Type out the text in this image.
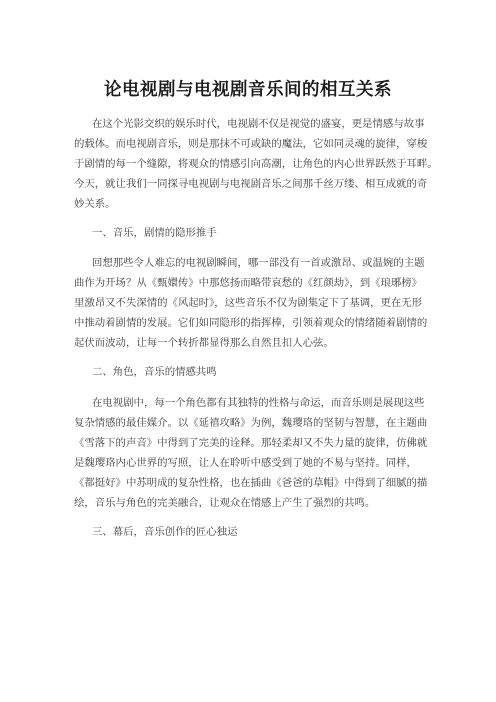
论电视剧与电视剧音乐间的相互关系
在这个光影交织的娱乐时代，电视剧不仅是视觉的盛宴，更是情感与故事
的载体。而电视剧音乐，则是那抹不可或缺的魔法，它如同灵魂的旋律，穿梭
于剧情的每一个缝隙，将观众的情感引向高潮，让角色的内心世界跃然于耳畔。
今天，就让我们一同探寻电视剧与电视剧音乐之间那千丝万缕、相互成就的奇
妙关系。
一、音乐，剧情的隐形推手
回想那些令人难忘的电视剧瞬间，哪一部没有一首或激昂、或温婉的主题
曲作为开场？从《甄嬛传》中那悠扬而略带哀愁的《红颜劫》，到《琅琊榜》
里激昂又不失深情的《风起时》，这些音乐不仅为剧集定下了基调，更在无形
中推动着剧情的发展。它们如同隐形的指挥棒，引领着观众的情绪随着剧情的
起伏而波动，让每一个转折都显得那么自然且扣人心弦。
二、角色，音乐的情感共鸣
在电视剧中，每一个角色都有其独特的性格与命运，而音乐则是展现这些
复杂情感的最佳媒介。以《延禧攻略》为例，魏璎珞的坚韧与智慧，在主题曲
《雪落下的声音》中得到了完美的诠释。那轻柔却又不失力量的旋律，仿佛就
是魏璎珞内心世界的写照，让人在聆听中感受到了她的不易与坚持。同样，
《都挺好》中苏明成的复杂性格，也在插曲《爸爸的草帽》中得到了细腻的描
绘，音乐与角色的完美融合，让观众在情感上产生了强烈的共鸣。
三、幕后，音乐创作的匠心独运
